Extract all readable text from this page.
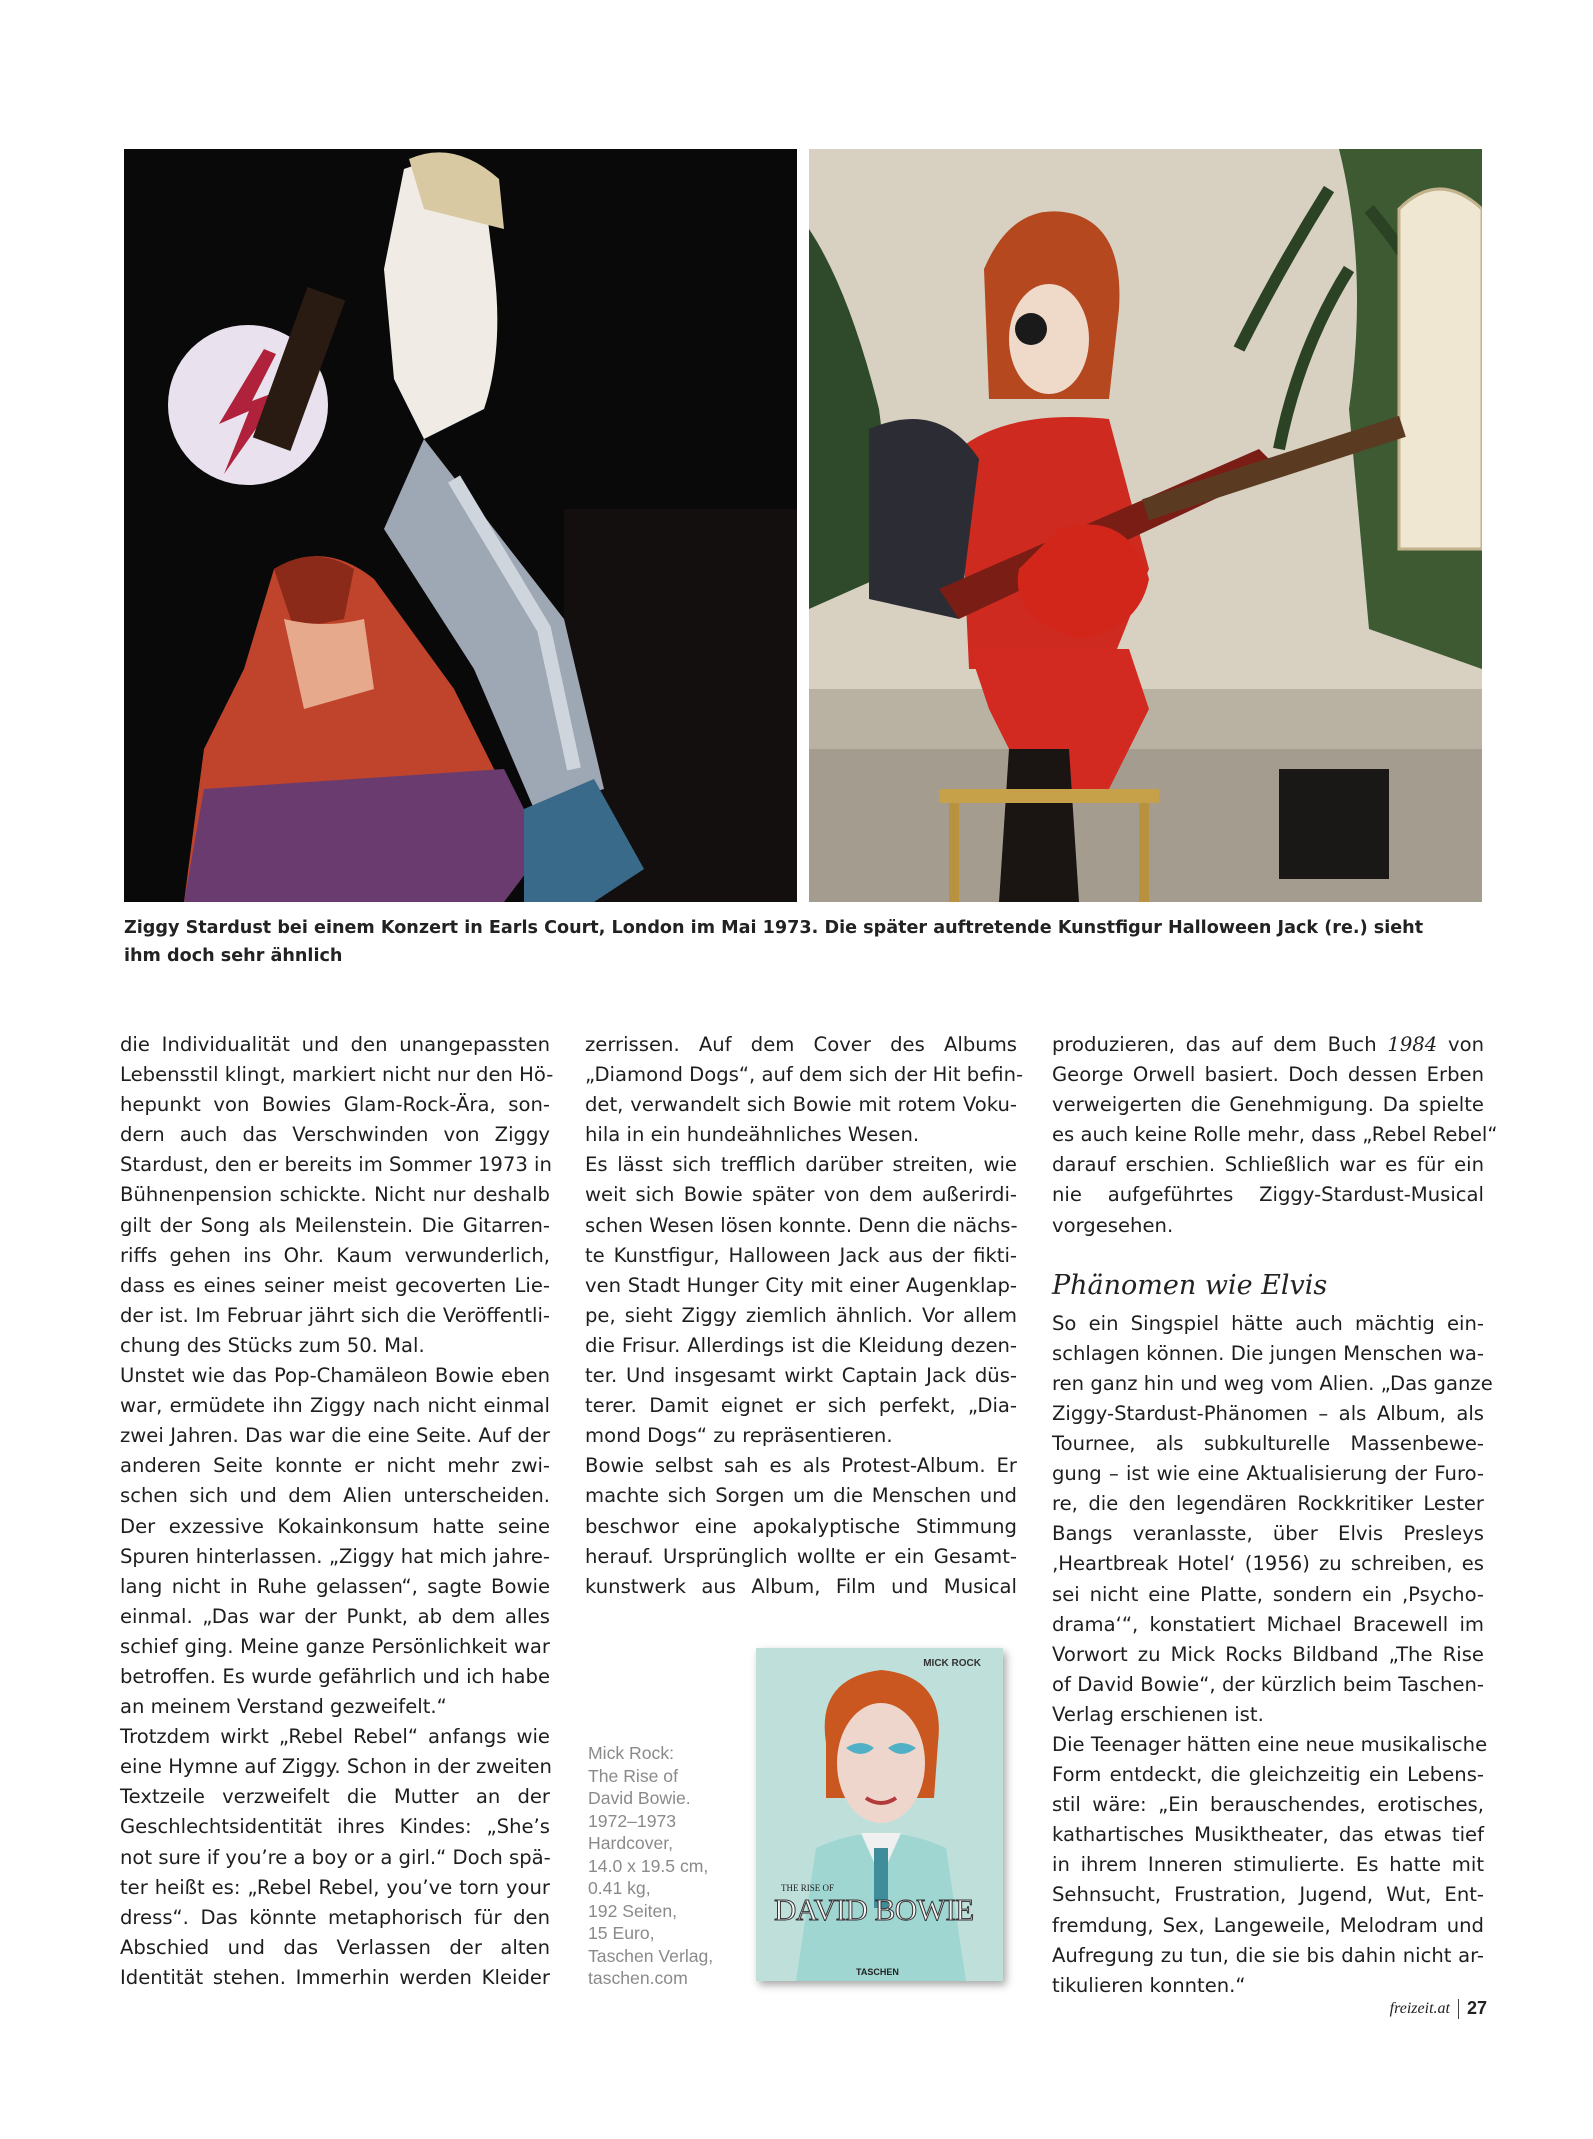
Ziggy Stardust bei einem Konzert in Earls Court, London im Mai 1973. Die später auftretende Kunstfigur Halloween Jack (re.) sieht

ihm doch sehr ähnlich

die Individualität und den unangepassten

Lebensstil klingt, markiert nicht nur den Hö-

hepunkt von Bowies Glam-Rock-Ära, son-

dern auch das Verschwinden von Ziggy

Stardust, den er bereits im Sommer 1973 in

Bühnenpension schickte. Nicht nur deshalb

gilt der Song als Meilenstein. Die Gitarren-

riffs gehen ins Ohr. Kaum verwunderlich,

dass es eines seiner meist gecoverten Lie-

der ist. Im Februar jährt sich die Veröffentli-

chung des Stücks zum 50. Mal.

Unstet wie das Pop-Chamäleon Bowie eben

war, ermüdete ihn Ziggy nach nicht einmal

zwei Jahren. Das war die eine Seite. Auf der

anderen Seite konnte er nicht mehr zwi-

schen sich und dem Alien unterscheiden.

Der exzessive Kokainkonsum hatte seine

Spuren hinterlassen. „Ziggy hat mich jahre-

lang nicht in Ruhe gelassen“, sagte Bowie

einmal. „Das war der Punkt, ab dem alles

schief ging. Meine ganze Persönlichkeit war

betroffen. Es wurde gefährlich und ich habe

an meinem Verstand gezweifelt.“

Trotzdem wirkt „Rebel Rebel“ anfangs wie

eine Hymne auf Ziggy. Schon in der zweiten

Textzeile verzweifelt die Mutter an der

Geschlechtsidentität ihres Kindes: „She’s

not sure if you’re a boy or a girl.“ Doch spä-

ter heißt es: „Rebel Rebel, you’ve torn your

dress“. Das könnte metaphorisch für den

Abschied und das Verlassen der alten

Identität stehen. Immerhin werden Kleider

zerrissen. Auf dem Cover des Albums

„Diamond Dogs“, auf dem sich der Hit befin-

det, verwandelt sich Bowie mit rotem Voku-

hila in ein hundeähnliches Wesen.

Es lässt sich trefflich darüber streiten, wie

weit sich Bowie später von dem außerirdi-

schen Wesen lösen konnte. Denn die nächs-

te Kunstfigur, Halloween Jack aus der fikti-

ven Stadt Hunger City mit einer Augenklap-

pe, sieht Ziggy ziemlich ähnlich. Vor allem

die Frisur. Allerdings ist die Kleidung dezen-

ter. Und insgesamt wirkt Captain Jack düs-

terer. Damit eignet er sich perfekt, „Dia-

mond Dogs“ zu repräsentieren.

Bowie selbst sah es als Protest-Album. Er

machte sich Sorgen um die Menschen und

beschwor eine apokalyptische Stimmung

herauf. Ursprünglich wollte er ein Gesamt-

kunstwerk aus Album, Film und Musical

Mick Rock:
The Rise of
David Bowie.
1972–1973
Hardcover,
14.0 x 19.5 cm,
0.41 kg,
192 Seiten,
15 Euro,
Taschen Verlag,
taschen.com
MICK ROCK
THE RISE OF
DAVID BOWIE
TASCHEN

produzieren, das auf dem Buch 1984 von

George Orwell basiert. Doch dessen Erben

verweigerten die Genehmigung. Da spielte

es auch keine Rolle mehr, dass „Rebel Rebel“

darauf erschien. Schließlich war es für ein

nie aufgeführtes Ziggy-Stardust-Musical

vorgesehen.

Phänomen wie Elvis

So ein Singspiel hätte auch mächtig ein-

schlagen können. Die jungen Menschen wa-

ren ganz hin und weg vom Alien. „Das ganze

Ziggy-Stardust-Phänomen – als Album, als

Tournee, als subkulturelle Massenbewe-

gung – ist wie eine Aktualisierung der Furo-

re, die den legendären Rockkritiker Lester

Bangs veranlasste, über Elvis Presleys

‚Heartbreak Hotel‘ (1956) zu schreiben, es

sei nicht eine Platte, sondern ein ‚Psycho-

drama‘“, konstatiert Michael Bracewell im

Vorwort zu Mick Rocks Bildband „The Rise

of David Bowie“, der kürzlich beim Taschen-

Verlag erschienen ist.

Die Teenager hätten eine neue musikalische

Form entdeckt, die gleichzeitig ein Lebens-

stil wäre: „Ein berauschendes, erotisches,

kathartisches Musiktheater, das etwas tief

in ihrem Inneren stimulierte. Es hatte mit

Sehnsucht, Frustration, Jugend, Wut, Ent-

fremdung, Sex, Langeweile, Melodram und

Aufregung zu tun, die sie bis dahin nicht ar-

tikulieren konnten.“

freizeit.at 27
